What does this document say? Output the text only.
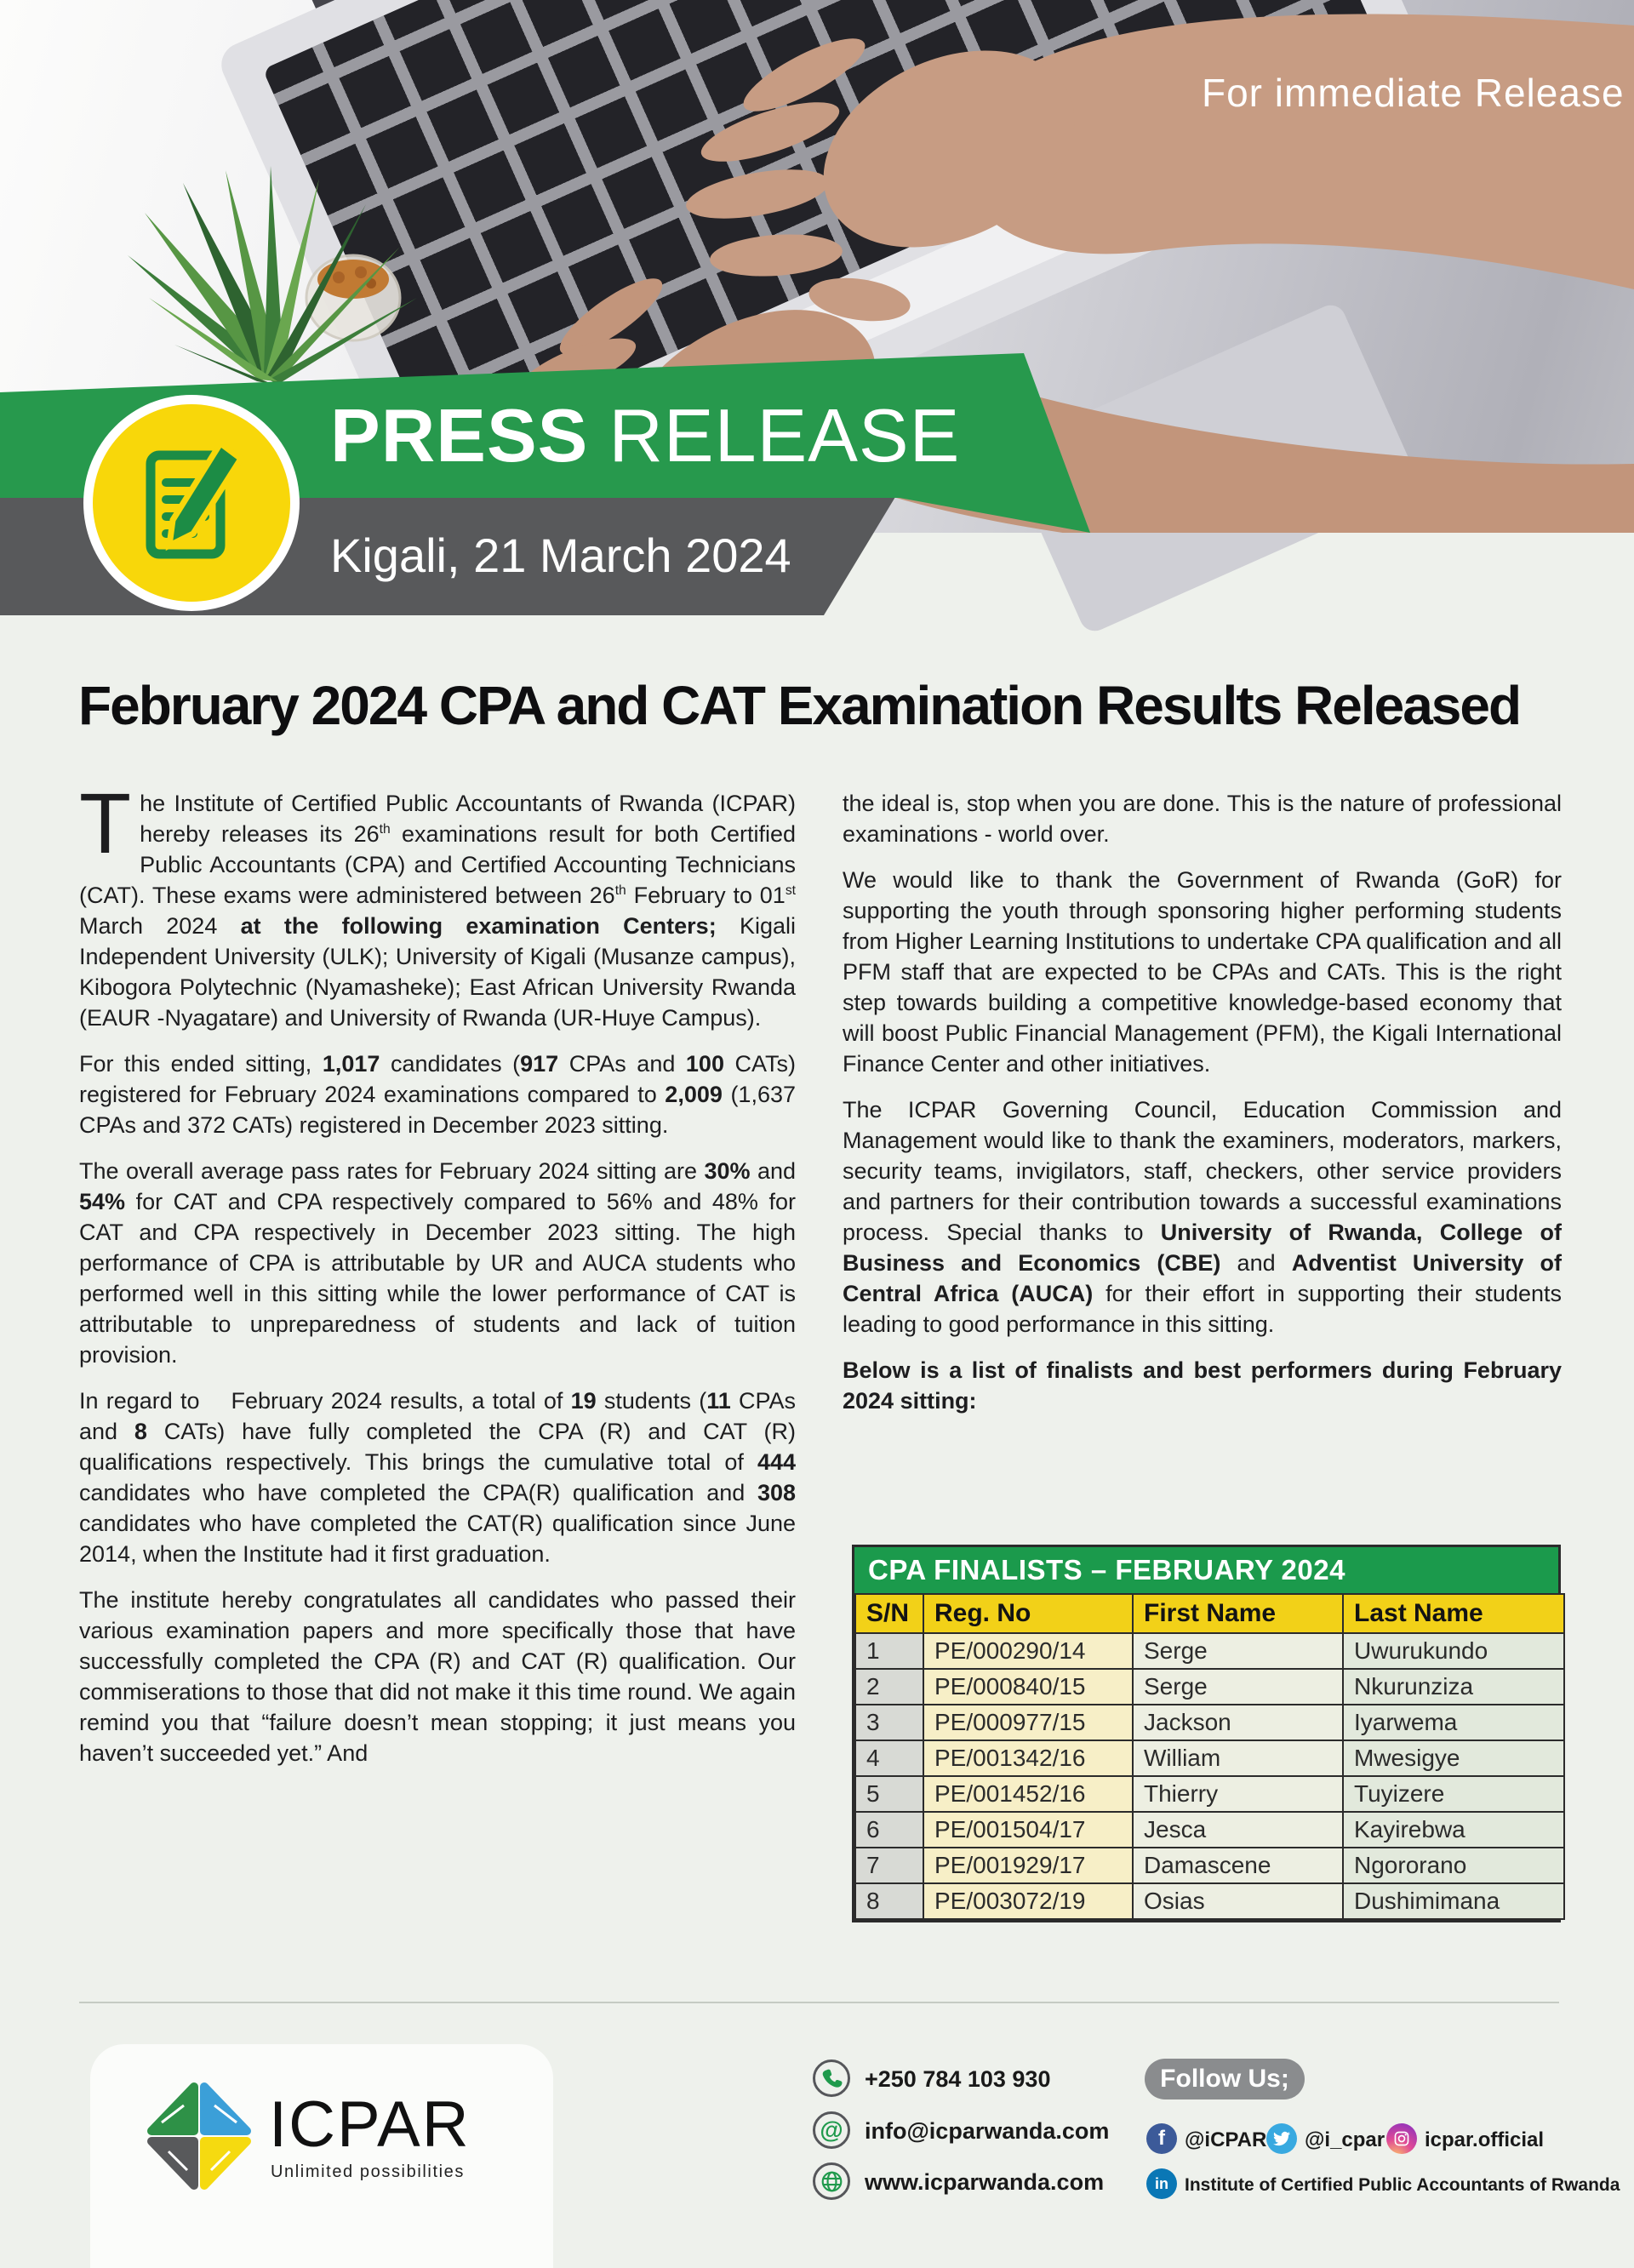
For immediate Release
PRESS RELEASE
Kigali, 21 March 2024
February 2024 CPA and CAT Examination Results Released

The Institute of Certified Public Accountants of Rwanda (ICPAR) hereby releases its 26th examinations result for both Certified Public Accountants (CPA) and Certified Accounting Technicians (CAT). These exams were administered between 26th February to 01st March 2024 at the following examination Centers; Kigali Independent University (ULK); University of Kigali (Musanze campus), Kibogora Polytechnic (Nyamasheke); East African University Rwanda (EAUR -Nyagatare) and University of Rwanda (UR-Huye Campus).

For this ended sitting, 1,017 candidates (917 CPAs and 100 CATs) registered for February 2024 examinations compared to 2,009 (1,637 CPAs and 372 CATs) registered in December 2023 sitting.

The overall average pass rates for February 2024 sitting are 30% and 54% for CAT and CPA respectively compared to 56% and 48% for CAT and CPA respectively in December 2023 sitting. The high performance of CPA is attributable by UR and AUCA students who performed well in this sitting while the lower performance of CAT is attributable to unpreparedness of students and lack of tuition provision.

In regard to    February 2024 results, a total of 19 students (11 CPAs and 8 CATs) have fully completed the CPA (R) and CAT (R) qualifications respectively. This brings the cumulative total of 444 candidates who have completed the CPA(R) qualification and 308 candidates who have completed the CAT(R) qualification since June 2014, when the Institute had it first graduation.

The institute hereby congratulates all candidates who passed their various examination papers and more specifically those that have successfully completed the CPA (R) and CAT (R) qualification. Our commiserations to those that did not make it this time round. We again remind you that “failure doesn’t mean stopping; it just means you haven’t succeeded yet.” And

the ideal is, stop when you are done. This is the nature of professional examinations - world over.

We would like to thank the Government of Rwanda (GoR) for supporting the youth through sponsoring higher performing students from Higher Learning Institutions to undertake CPA qualification and all PFM staff that are expected to be CPAs and CATs. This is the right step towards building a competitive knowledge-based economy that will boost Public Financial Management (PFM), the Kigali International Finance Center and other initiatives.

The ICPAR Governing Council, Education Commission and Management would like to thank the examiners, moderators, markers, security teams, invigilators, staff, checkers, other service providers and partners for their contribution towards a successful examinations process. Special thanks to University of Rwanda, College of Business and Economics (CBE) and Adventist University of Central Africa (AUCA) for their effort in supporting their students leading to good performance in this sitting.

Below is a list of finalists and best performers during February 2024 sitting:

CPA FINALISTS – FEBRUARY 2024
S/N	Reg. No	First Name	Last Name
1	PE/000290/14	Serge	Uwurukundo
2	PE/000840/15	Serge	Nkurunziza
3	PE/000977/15	Jackson	Iyarwema
4	PE/001342/16	William	Mwesigye
5	PE/001452/16	Thierry	Tuyizere
6	PE/001504/17	Jesca	Kayirebwa
7	PE/001929/17	Damascene	Ngororano
8	PE/003072/19	Osias	Dushimimana
ICPAR
Unlimited possibilities
+250 784 103 930
@ info@icparwanda.com
www.icparwanda.com
Follow Us;
f @iCPAR @i_cpar icpar.official
in Institute of Certified Public Accountants of Rwanda
